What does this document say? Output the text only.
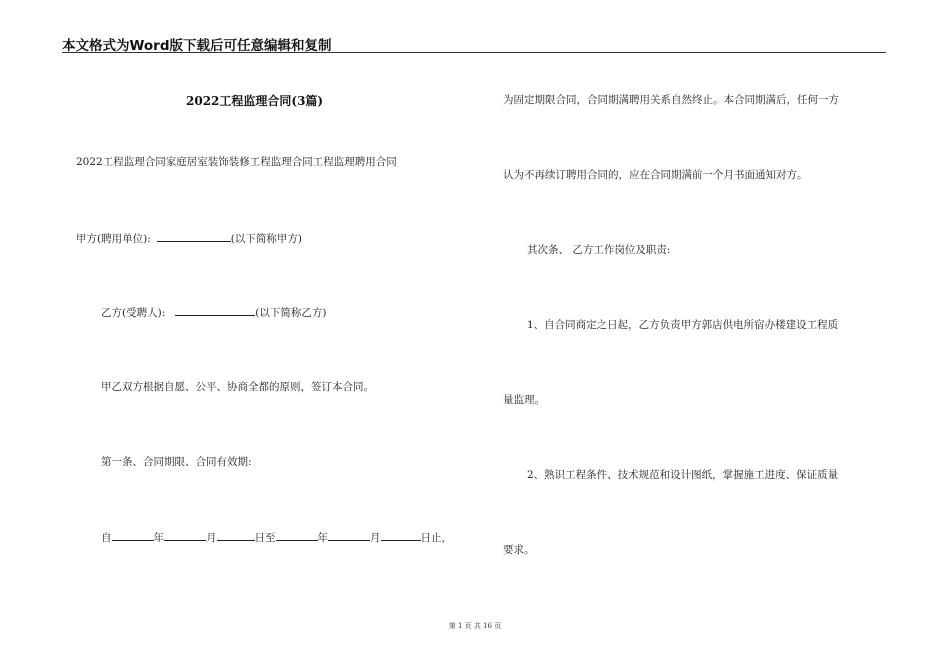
本文格式为Word版下载后可任意编辑和复制
2022工程监理合同(3篇)
2022工程监理合同家庭居室装饰装修工程监理合同工程监理聘用合同
甲方(聘用单位):	(以下简称甲方)
乙方(受聘人):	(以下简称乙方)
甲乙双方根据自愿、公平、协商全都的原则，签订本合同。
第一条、合同期限、合同有效期:
自	年	月	日至	年	月	日止，
为固定期限合同，合同期满聘用关系自然终止。本合同期满后，任何一方
认为不再续订聘用合同的，应在合同期满前一个月书面通知对方。
其次条、 乙方工作岗位及职责:
1、自合同商定之日起，乙方负责甲方郭店供电所宿办楼建设工程质
量监理。
2、熟识工程条件、技术规范和设计图纸，掌握施工进度、保证质量
要求。
第 1 页 共 16 页
